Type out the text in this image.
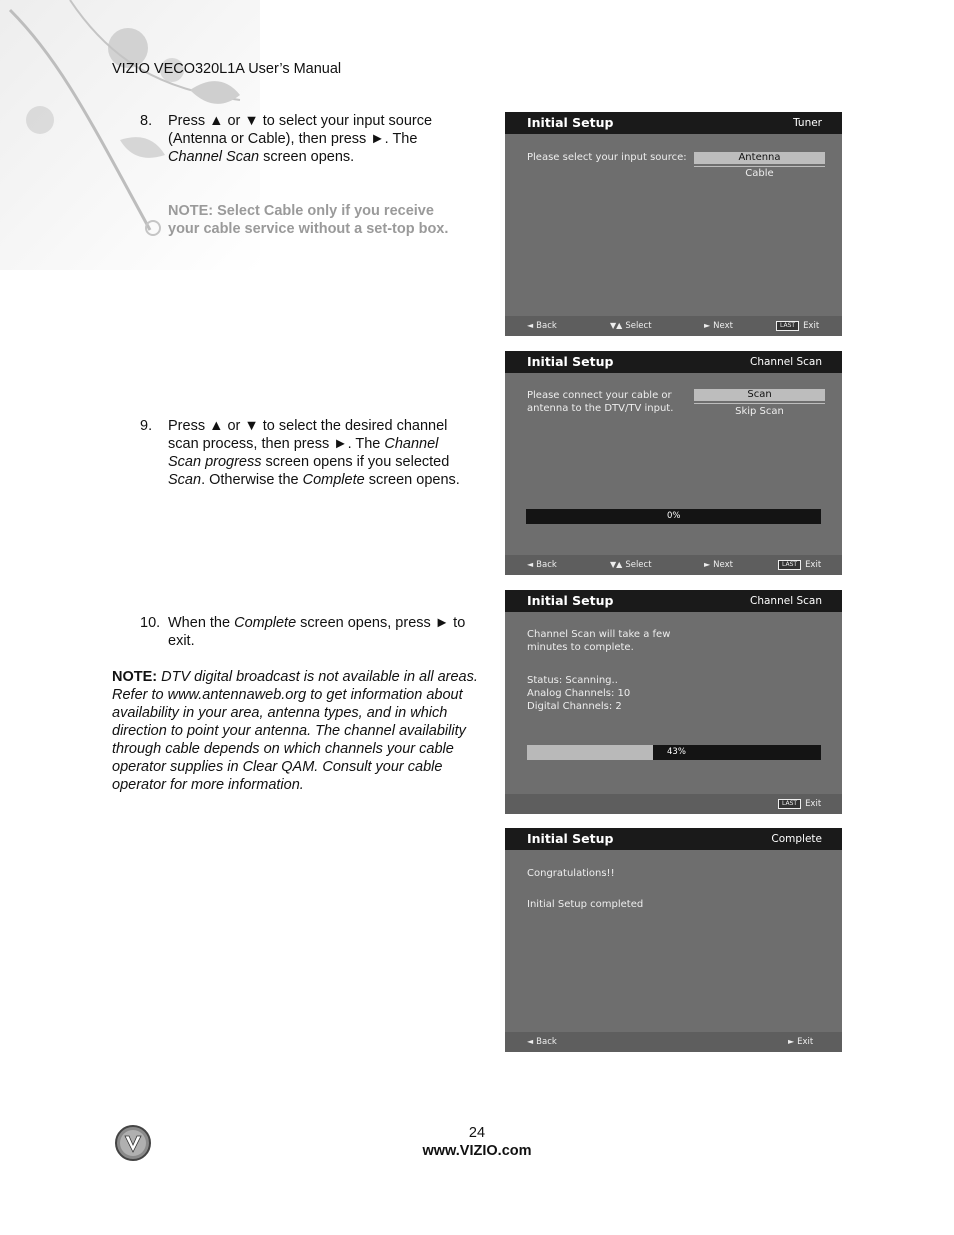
VIZIO VECO320L1A User’s Manual
8. Press ▲ or ▼ to select your input source
(Antenna or Cable), then press ►. The
Channel Scan screen opens.
NOTE: Select Cable only if you receive
your cable service without a set-top box.
9. Press ▲ or ▼ to select the desired channel
scan process, then press ►. The Channel
Scan progress screen opens if you selected
Scan. Otherwise the Complete screen opens.
10. When the Complete screen opens, press ► to
exit.
NOTE: DTV digital broadcast is not available in all areas. Refer to www.antennaweb.org to get information about availability in your area, antenna types, and in which direction to point your antenna. The channel availability through cable depends on which channels your cable operator supplies in Clear QAM. Consult your cable operator for more information.
Initial Setup	Tuner
Please select your input source:	Antenna
Cable
◄ Back	▼▲ Select	► Next	LAST Exit
Initial Setup	Channel Scan
Please connect your cable or
antenna to the DTV/TV input.
Scan
Skip Scan
0%
◄ Back	▼▲ Select	► Next	LAST Exit
Initial Setup	Channel Scan
Channel Scan will take a few
minutes to complete.
Status: Scanning..
Analog Channels: 10
Digital Channels: 2
43%
LAST Exit
Initial Setup	Complete
Congratulations!!
Initial Setup completed
◄ Back	► Exit
24
www.VIZIO.com
